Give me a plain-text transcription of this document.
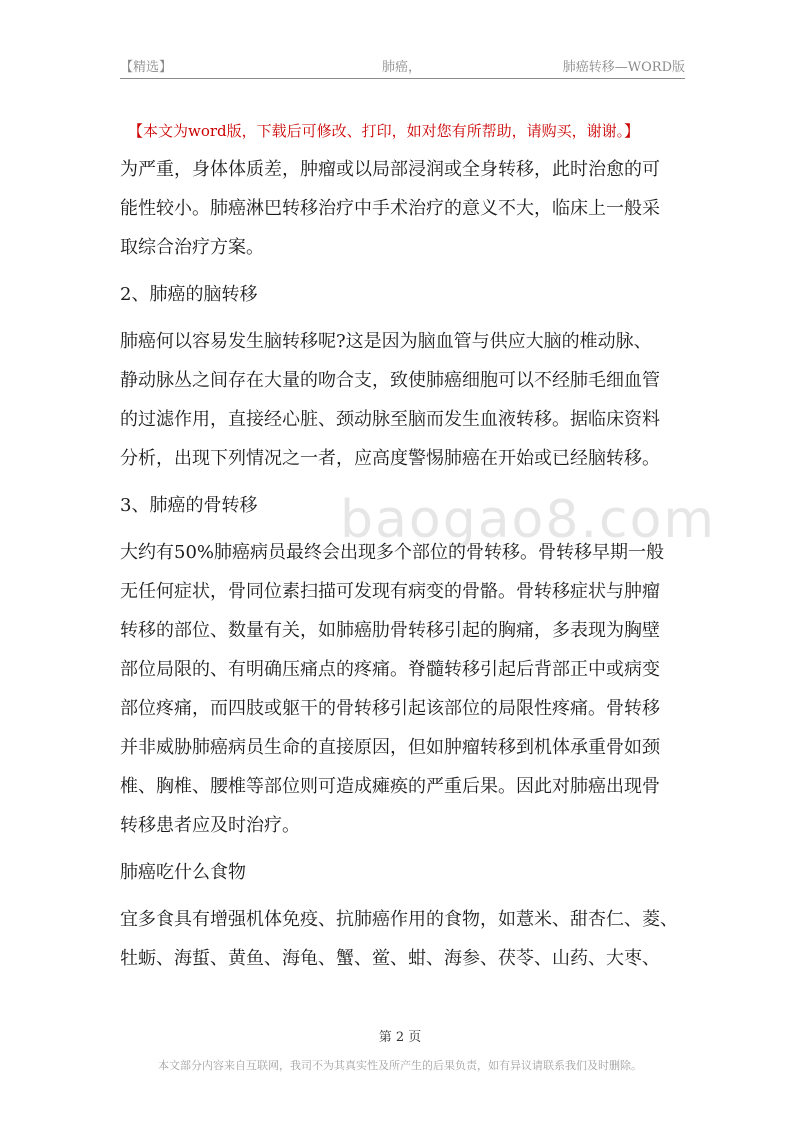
【精选】	肺癌，	肺癌转移—WORD版
【本文为word版，下载后可修改、打印，如对您有所帮助，请购买，谢谢。】
baogao8.com
为严重，身体体质差，肿瘤或以局部浸润或全身转移，此时治愈的可
能性较小。肺癌淋巴转移治疗中手术治疗的意义不大，临床上一般采
取综合治疗方案。
2、肺癌的脑转移
肺癌何以容易发生脑转移呢?这是因为脑血管与供应大脑的椎动脉、
静动脉丛之间存在大量的吻合支，致使肺癌细胞可以不经肺毛细血管
的过滤作用，直接经心脏、颈动脉至脑而发生血液转移。据临床资料
分析，出现下列情况之一者，应高度警惕肺癌在开始或已经脑转移。
3、肺癌的骨转移
大约有50%肺癌病员最终会出现多个部位的骨转移。骨转移早期一般
无任何症状，骨同位素扫描可发现有病变的骨骼。骨转移症状与肿瘤
转移的部位、数量有关，如肺癌肋骨转移引起的胸痛，多表现为胸壁
部位局限的、有明确压痛点的疼痛。脊髓转移引起后背部正中或病变
部位疼痛，而四肢或躯干的骨转移引起该部位的局限性疼痛。骨转移
并非威胁肺癌病员生命的直接原因，但如肿瘤转移到机体承重骨如颈
椎、胸椎、腰椎等部位则可造成瘫痪的严重后果。因此对肺癌出现骨
转移患者应及时治疗。
肺癌吃什么食物
宜多食具有增强机体免疫、抗肺癌作用的食物，如薏米、甜杏仁、菱、
牡蛎、海蜇、黄鱼、海龟、蟹、鲎、蚶、海参、茯苓、山药、大枣、
第 2 页
本文部分内容来自互联网，我司不为其真实性及所产生的后果负责，如有异议请联系我们及时删除。
